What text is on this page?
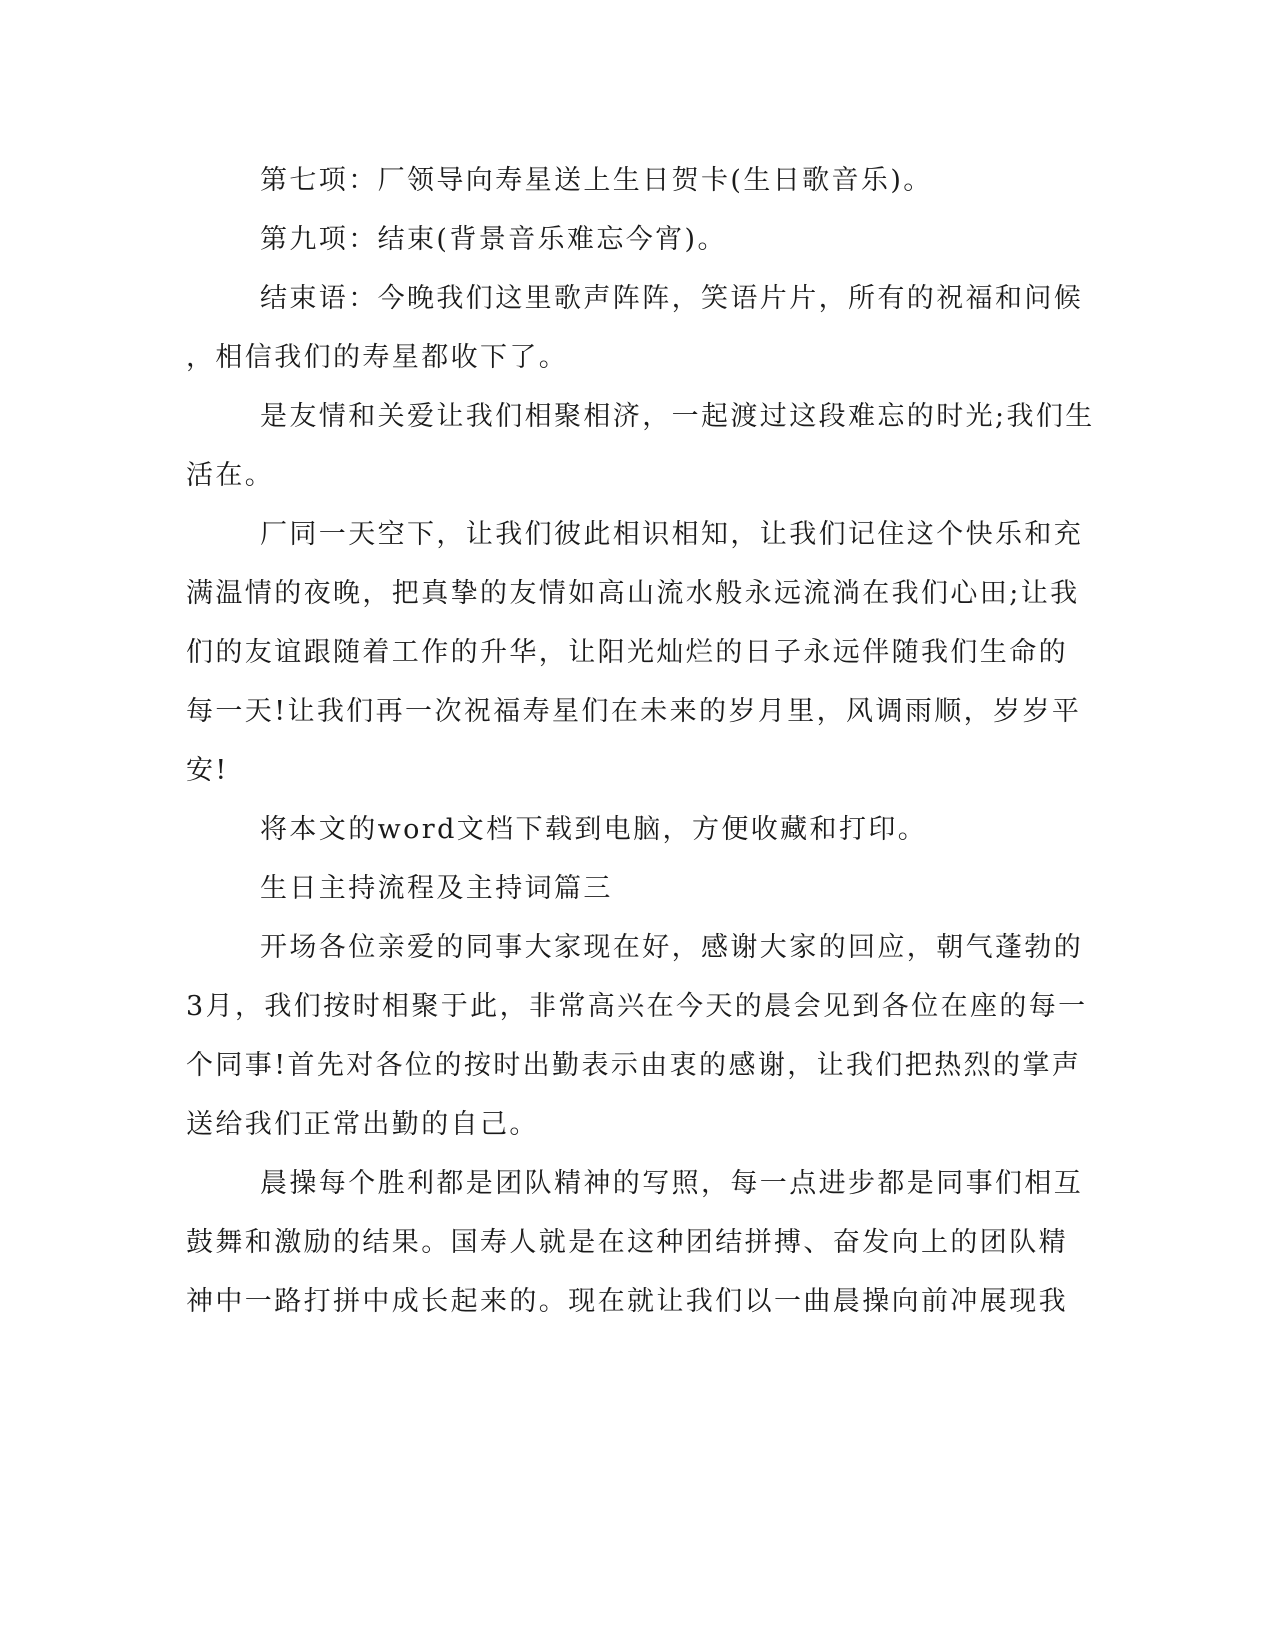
第七项：厂领导向寿星送上生日贺卡(生日歌音乐)。
第九项：结束(背景音乐难忘今宵)。
结束语：今晚我们这里歌声阵阵，笑语片片，所有的祝福和问候
，相信我们的寿星都收下了。
是友情和关爱让我们相聚相济，一起渡过这段难忘的时光;我们生
活在。
厂同一天空下，让我们彼此相识相知，让我们记住这个快乐和充
满温情的夜晚，把真挚的友情如高山流水般永远流淌在我们心田;让我
们的友谊跟随着工作的升华，让阳光灿烂的日子永远伴随我们生命的
每一天!让我们再一次祝福寿星们在未来的岁月里，风调雨顺，岁岁平
安!
将本文的word文档下载到电脑，方便收藏和打印。
生日主持流程及主持词篇三
开场各位亲爱的同事大家现在好，感谢大家的回应，朝气蓬勃的
3月，我们按时相聚于此，非常高兴在今天的晨会见到各位在座的每一
个同事!首先对各位的按时出勤表示由衷的感谢，让我们把热烈的掌声
送给我们正常出勤的自己。
晨操每个胜利都是团队精神的写照，每一点进步都是同事们相互
鼓舞和激励的结果。国寿人就是在这种团结拼搏、奋发向上的团队精
神中一路打拼中成长起来的。现在就让我们以一曲晨操向前冲展现我
